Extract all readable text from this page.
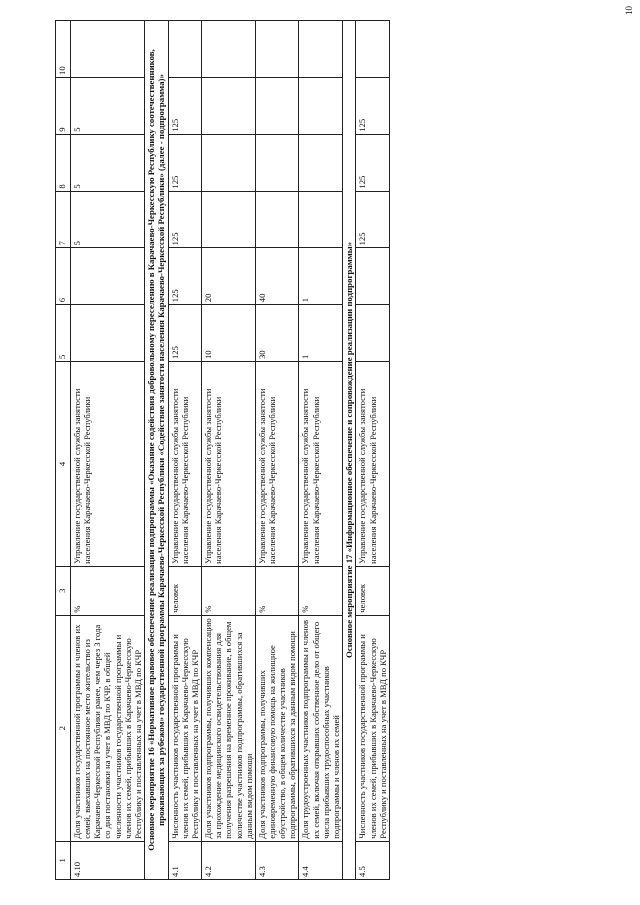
10
1	2	3	4	5	6	7	8	9	10
4.10	Доля участников государственной программы и членов их семей, выехавших на постоянное место жительство из Карачаево-Черкесской Республики ранее, чем через 3 года со дня постановки на учет в МВД по КЧР, в общей численности участников государственной программы и членов их семей, прибывших в Карачаево-Черкесскую Республику и поставленных на учет в МВД по КЧР	%	Управление государственной службы занятости населения Карачаево-Черкесской Республики			5	5	5	
Основное мероприятие 16 «Нормативное правовое обеспечение реализации подпрограммы «Оказание содействия добровольному переселению в Карачаево-Черкесскую Республику соотечественников, проживающих за рубежом» государственной программы Карачаево-Черкесской Республики «Содействие занятости населения Карачаево-Черкесской Республики» (далее - подпрограмма)»									
4.1	Численность участников государственной программы и членов их семей, прибывших в Карачаево-Черкесскую Республику и поставленных на учет в МВД по КЧР	человек	Управление государственной службы занятости населения Карачаево-Черкесской Республики	125	125	125	125	125	
4.2	Доля участников подпрограммы, получивших компенсацию за прохождение медицинского освидетельствования для получения разрешения на временное проживание, в общем количестве участников подпрограммы, обратившихся за данным видом помощи	%	Управление государственной службы занятости населения Карачаево-Черкесской Республики	10	20				
4.3	Доля участников подпрограммы, получивших единовременную финансовую помощь на жилищное обустройство, в общем количестве участников подпрограммы, обратившихся за данным видом помощи	%	Управление государственной службы занятости населения Карачаево-Черкесской Республики	30	40				
4.4	Доля трудоустроенных участников подпрограммы и членов их семей, включая открывших собственное дело от общего числа прибывших трудоспособных участников подпрограммы и членов их семей	%	Управление государственной службы занятости населения Карачаево-Черкесской Республики	1	1				
Основное мероприятие 17 «Информационное обеспечение и сопровождение реализации подпрограммы»									
4.5	Численность участников государственной программы и членов их семей, прибывших в Карачаево-Черкесскую Республику и поставленных на учет в МВД по КЧР	человек	Управление государственной службы занятости населения Карачаево-Черкесской Республики			125	125	125	
